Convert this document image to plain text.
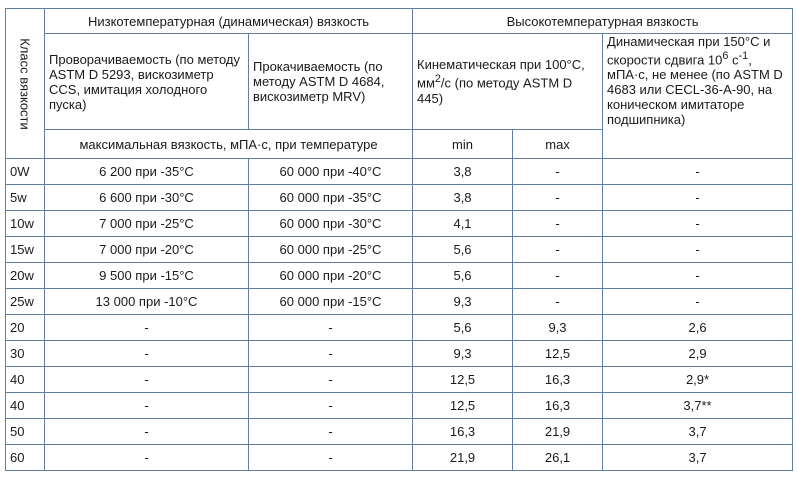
Класс вязкости	Низкотемпературная (динамическая) вязкость		Высокотемпературная вязкость		
	Проворачиваемость (по методу ASTM D 5293, вискозиметр CCS, имитация холодного пуска)	Прокачиваемость (по методу ASTM D 4684, вискозиметр MRV)	Кинематическая при 100°C, $мм^2/с$ (по методу ASTM D 445)		Динамическая при 150°C и скорости сдвига $10^6$ $с^{-1}$, мПА·с, не менее (по ASTM D 4683 или CECL-36-A-90, на коническом имитаторе подшипника)
	максимальная вязкость, мПА·с, при температуре		min	max	
0W	6 200 при -35°C	60 000 при -40°C	3,8	-	-
5w	6 600 при -30°C	60 000 при -35°C	3,8	-	-
10w	7 000 при -25°C	60 000 при -30°C	4,1	-	-
15w	7 000 при -20°C	60 000 при -25°C	5,6	-	-
20w	9 500 при -15°C	60 000 при -20°C	5,6	-	-
25w	13 000 при -10°C	60 000 при -15°C	9,3	-	-
20	-	-	5,6	9,3	2,6
30	-	-	9,3	12,5	2,9
40	-	-	12,5	16,3	2,9*
40	-	-	12,5	16,3	3,7**
50	-	-	16,3	21,9	3,7
60	-	-	21,9	26,1	3,7
